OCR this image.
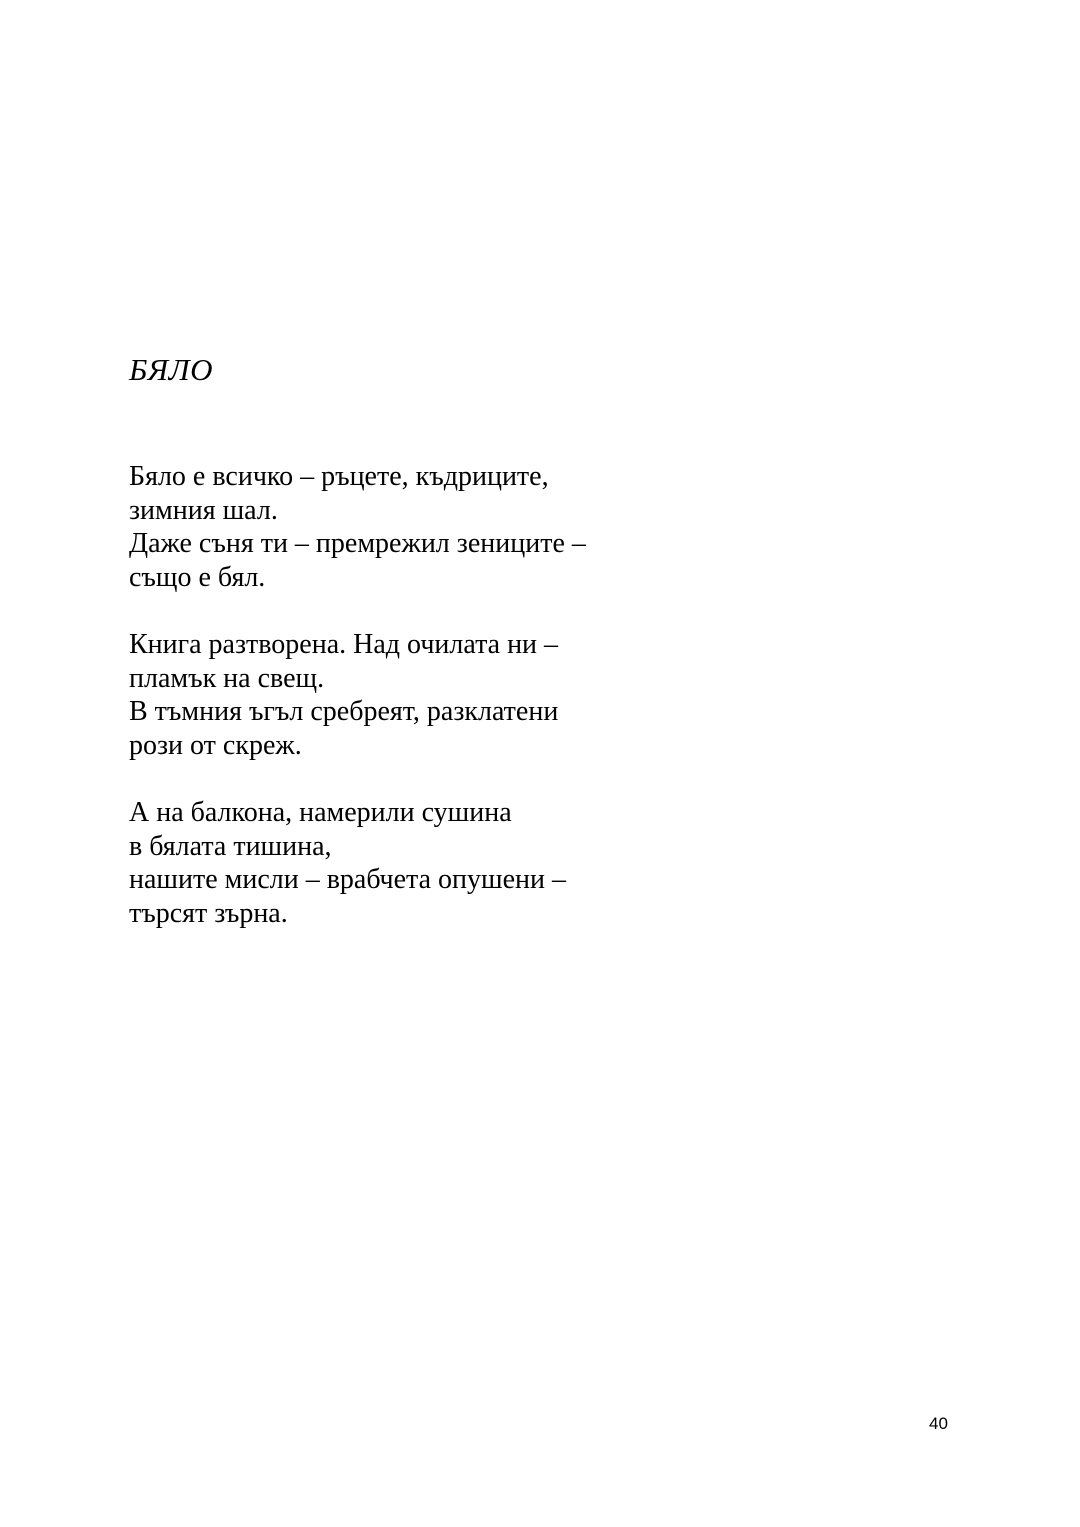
БЯЛО
Бяло е всичко – ръцете, къдриците,
зимния шал.
Даже съня ти – премрежил зениците –
също е бял.
Книга разтворена. Над очилата ни –
пламък на свещ.
В тъмния ъгъл сребреят, разклатени
рози от скреж.
А на балкона, намерили сушина
в бялата тишина,
нашите мисли – врабчета опушени –
търсят зърна.
40
